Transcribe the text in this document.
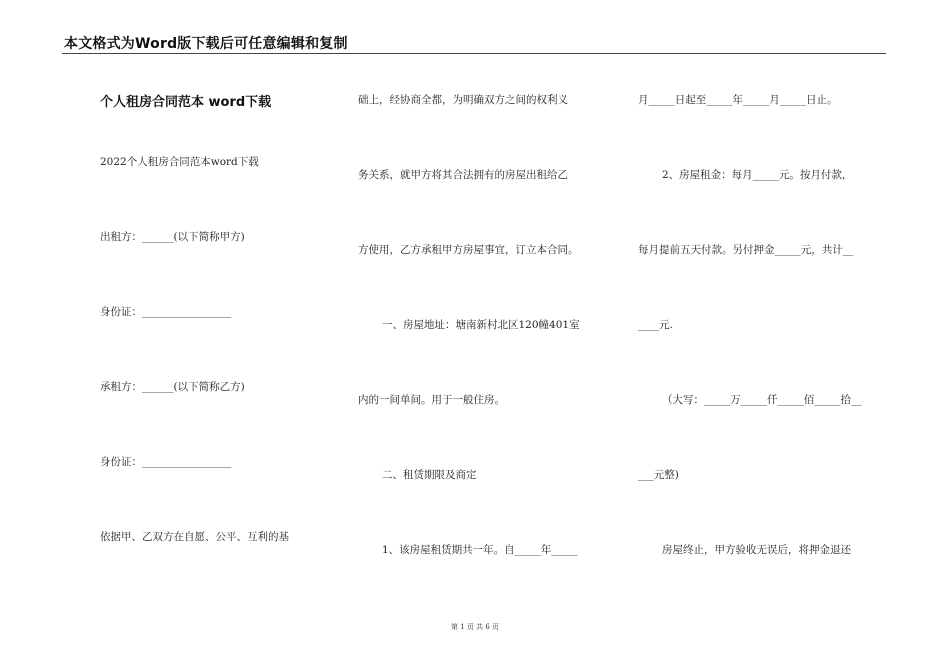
本文格式为Word版下载后可任意编辑和复制
个人租房合同范本 word下载
2022个人租房合同范本word下载
出租方：______(以下简称甲方)
身份证：_________________
承租方：______(以下简称乙方)
身份证：_________________
依据甲、乙双方在自愿、公平、互利的基
础上，经协商全都，为明确双方之间的权利义
务关系，就甲方将其合法拥有的房屋出租给乙
方使用，乙方承租甲方房屋事宜，订立本合同。
一、房屋地址：塘南新村北区120幢401室
内的一间单间。用于一般住房。
二、租赁期限及商定
1、该房屋租赁期共一年。自_____年_____
月_____日起至_____年_____月_____日止。
2、房屋租金：每月_____元。按月付款，
每月提前五天付款。另付押金_____元，共计__
____元.
（大写：_____万_____仟_____佰_____拾__
___元整)
房屋终止，甲方验收无误后，将押金退还
第 1 页 共 6 页
